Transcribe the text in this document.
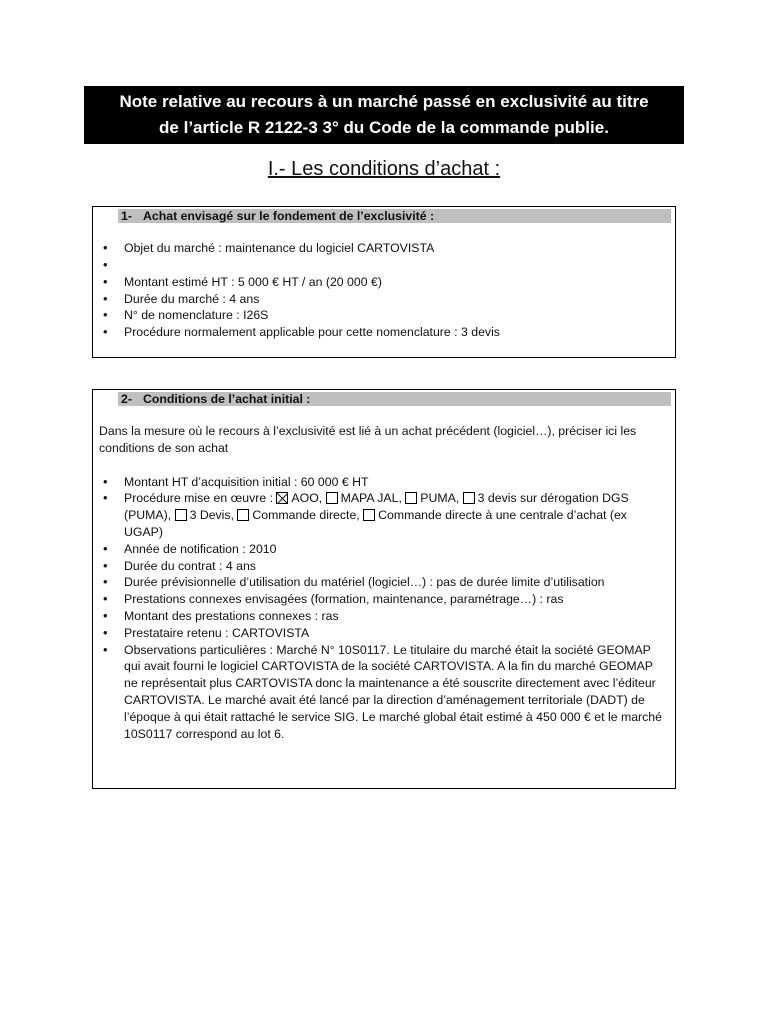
Note relative au recours à un marché passé en exclusivité au titre
de l’article R 2122-3 3° du Code de la commande publie.
I.- Les conditions d’achat :
1- Achat envisagé sur le fondement de l’exclusivité :
• Objet du marché : maintenance du logiciel CARTOVISTA
•
• Montant estimé HT : 5 000 € HT / an (20 000 €)
• Durée du marché : 4 ans
• N° de nomenclature : I26S
• Procédure normalement applicable pour cette nomenclature : 3 devis
2- Conditions de l’achat initial :
Dans la mesure où le recours à l’exclusivité est lié à un achat précédent (logiciel…), préciser ici les conditions de son achat
• Montant HT d’acquisition initial : 60 000 € HT
• Procédure mise en œuvre : AOO, MAPA JAL, PUMA, 3 devis sur dérogation DGS (PUMA), 3 Devis, Commande directe, Commande directe à une centrale d’achat (ex UGAP)
• Année de notification : 2010
• Durée du contrat : 4 ans
• Durée prévisionnelle d’utilisation du matériel (logiciel…) : pas de durée limite d’utilisation
• Prestations connexes envisagées (formation, maintenance, paramétrage…) : ras
• Montant des prestations connexes : ras
• Prestataire retenu : CARTOVISTA
• Observations particulières : Marché N° 10S0117. Le titulaire du marché était la société GEOMAP qui avait fourni le logiciel CARTOVISTA de la société CARTOVISTA. A la fin du marché GEOMAP ne représentait plus CARTOVISTA donc la maintenance a été souscrite directement avec l’éditeur CARTOVISTA. Le marché avait été lancé par la direction d’aménagement territoriale (DADT) de l’époque à qui était rattaché le service SIG. Le marché global était estimé à 450 000 € et le marché 10S0117 correspond au lot 6.
